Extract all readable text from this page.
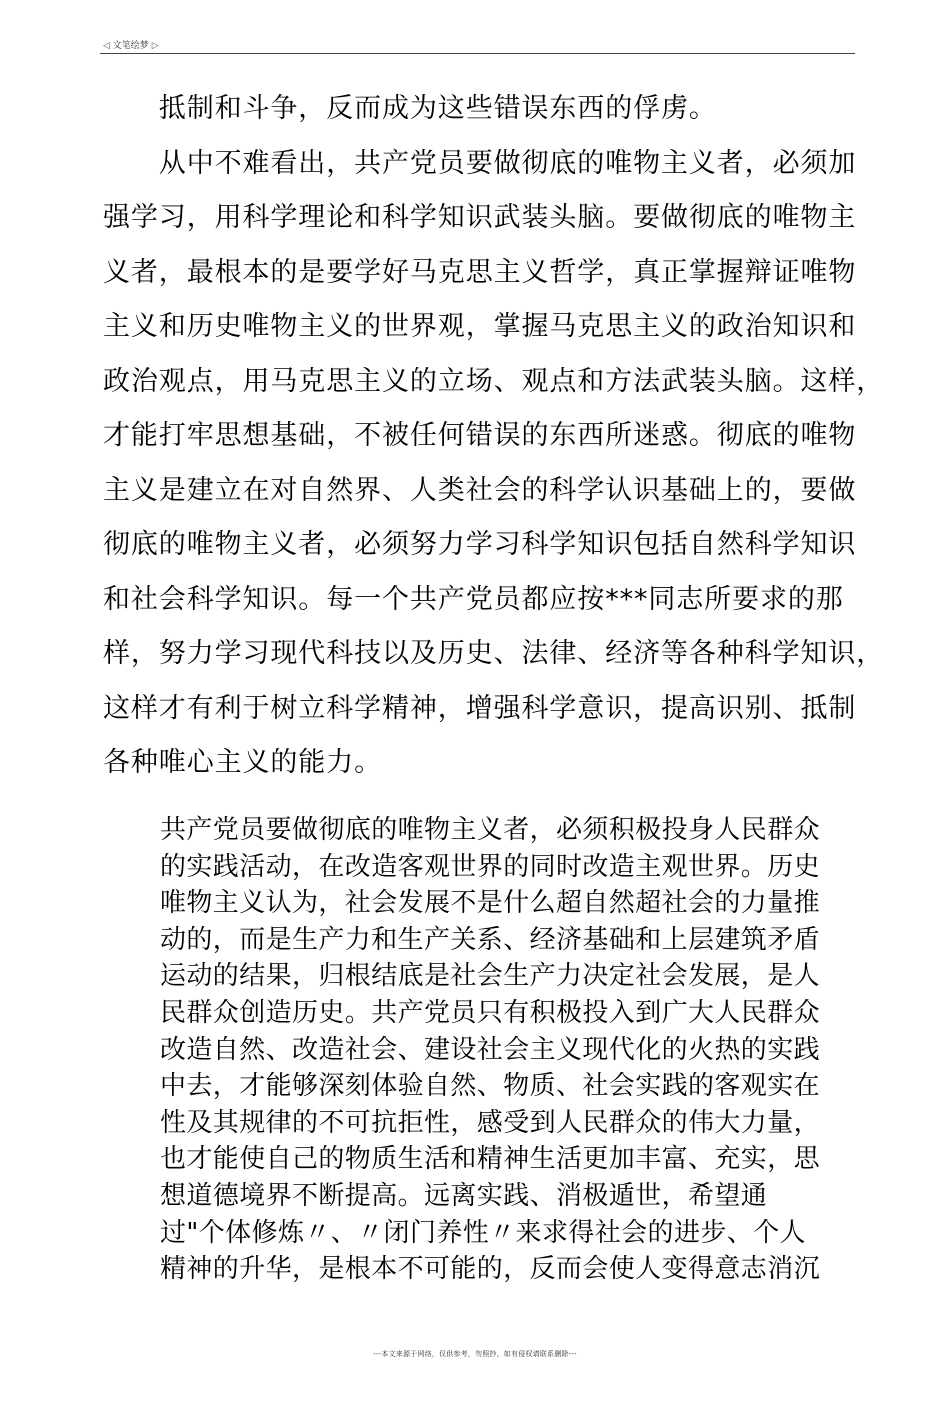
◁ 文笔绘梦 ▷
　　抵制和斗争，反而成为这些错误东西的俘虏。
　　从中不难看出，共产党员要做彻底的唯物主义者，必须加
强学习，用科学理论和科学知识武装头脑。要做彻底的唯物主
义者，最根本的是要学好马克思主义哲学，真正掌握辩证唯物
主义和历史唯物主义的世界观，掌握马克思主义的政治知识和
政治观点，用马克思主义的立场、观点和方法武装头脑。这样，
才能打牢思想基础，不被任何错误的东西所迷惑。彻底的唯物
主义是建立在对自然界、人类社会的科学认识基础上的，要做
彻底的唯物主义者，必须努力学习科学知识包括自然科学知识
和社会科学知识。每一个共产党员都应按***同志所要求的那
样，努力学习现代科技以及历史、法律、经济等各种科学知识，
这样才有利于树立科学精神，增强科学意识，提高识别、抵制
各种唯心主义的能力。
共产党员要做彻底的唯物主义者，必须积极投身人民群众
的实践活动，在改造客观世界的同时改造主观世界。历史
唯物主义认为，社会发展不是什么超自然超社会的力量推
动的，而是生产力和生产关系、经济基础和上层建筑矛盾
运动的结果，归根结底是社会生产力决定社会发展，是人
民群众创造历史。共产党员只有积极投入到广大人民群众
改造自然、改造社会、建设社会主义现代化的火热的实践
中去，才能够深刻体验自然、物质、社会实践的客观实在
性及其规律的不可抗拒性，感受到人民群众的伟大力量，
也才能使自己的物质生活和精神生活更加丰富、充实，思
想道德境界不断提高。远离实践、消极遁世，希望通
过"个体修炼〃、〃闭门养性〃来求得社会的进步、个人
精神的升华，是根本不可能的，反而会使人变得意志消沉
---本文来源于网络，仅供参考，勿照抄，如有侵权请联系删除---
